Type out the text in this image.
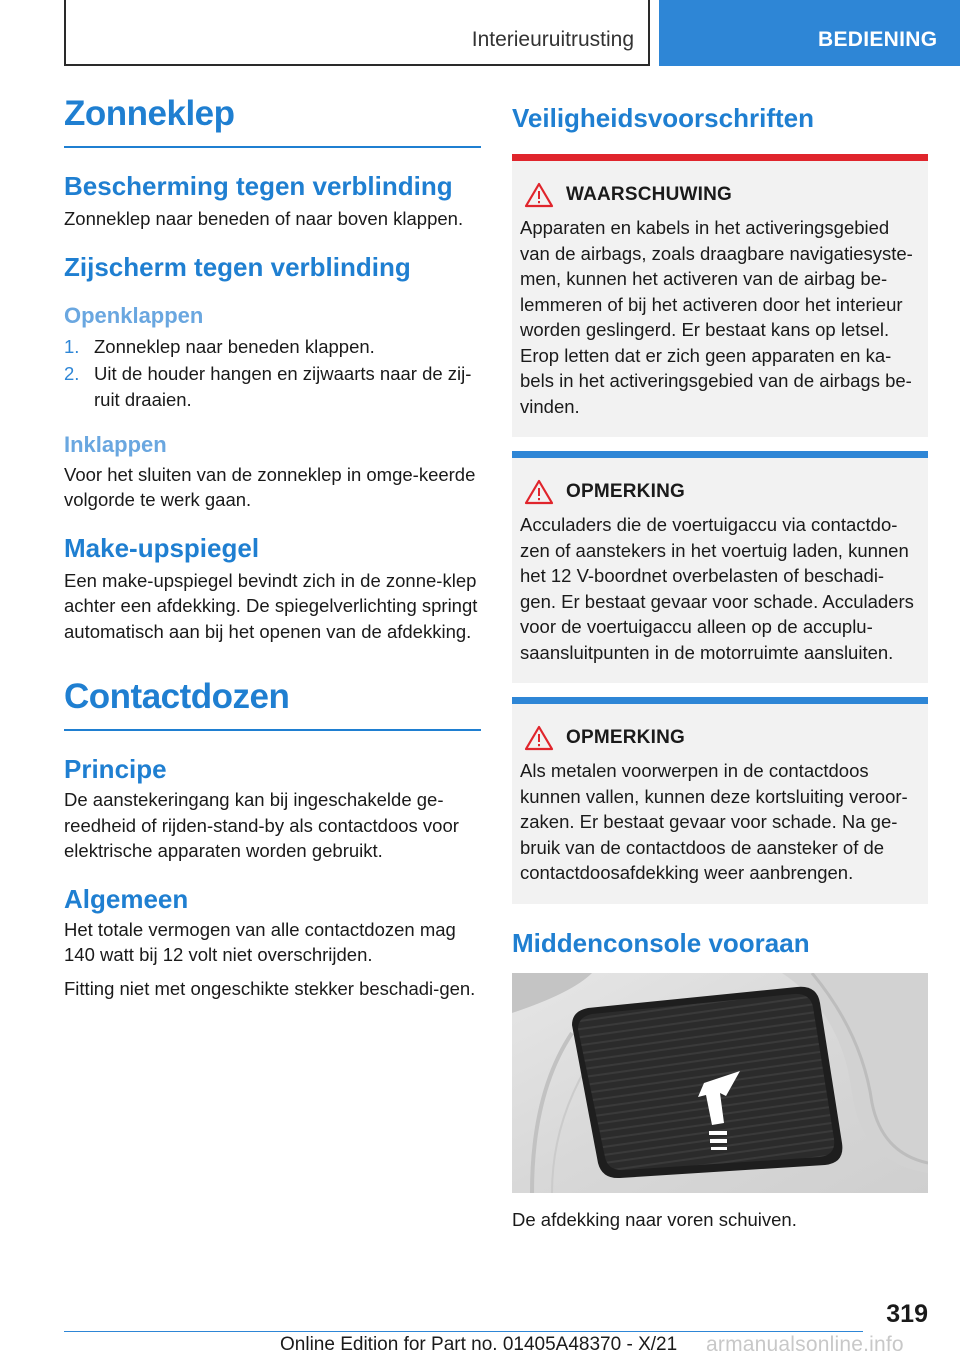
Interieuruitrusting	BEDIENING
Zonneklep
Bescherming tegen verblinding

Zonneklep naar beneden of naar boven klappen.

Zijscherm tegen verblinding
Openklappen
1. Zonneklep naar beneden klappen.
2. Uit de houder hangen en zijwaarts naar de zij‐ruit draaien.
Inklappen

Voor het sluiten van de zonneklep in omge‐keerde volgorde te werk gaan.

Make-upspiegel

Een make-upspiegel bevindt zich in de zonne‐klep achter een afdekking. De spiegelverlichting springt automatisch aan bij het openen van de afdekking.

Contactdozen
Principe

De aanstekeringang kan bij ingeschakelde ge‐reedheid of rijden-stand-by als contactdoos voor elektrische apparaten worden gebruikt.

Algemeen

Het totale vermogen van alle contactdozen mag 140 watt bij 12 volt niet overschrijden.

Fitting niet met ongeschikte stekker beschadi‐gen.

Veiligheidsvoorschriften
WAARSCHUWING

Apparaten en kabels in het activeringsgebied van de airbags, zoals draagbare navigatiesyste‐men, kunnen het activeren van de airbag be‐lemmeren of bij het activeren door het interieur worden geslingerd. Er bestaat kans op letsel. Erop letten dat er zich geen apparaten en ka‐bels in het activeringsgebied van de airbags be‐vinden.

OPMERKING

Acculaders die de voertuigaccu via contactdo‐zen of aanstekers in het voertuig laden, kunnen het 12 V-boordnet overbelasten of beschadi‐gen. Er bestaat gevaar voor schade. Acculaders voor de voertuigaccu alleen op de accuplu‐saansluitpunten in de motorruimte aansluiten.

OPMERKING

Als metalen voorwerpen in de contactdoos kunnen vallen, kunnen deze kortsluiting veroor‐zaken. Er bestaat gevaar voor schade. Na ge‐bruik van de contactdoos de aansteker of de contactdoosafdekking weer aanbrengen.

Middenconsole vooraan

De afdekking naar voren schuiven.

319
Online Edition for Part no. 01405A48370 - X/21 armanualsonline.info
